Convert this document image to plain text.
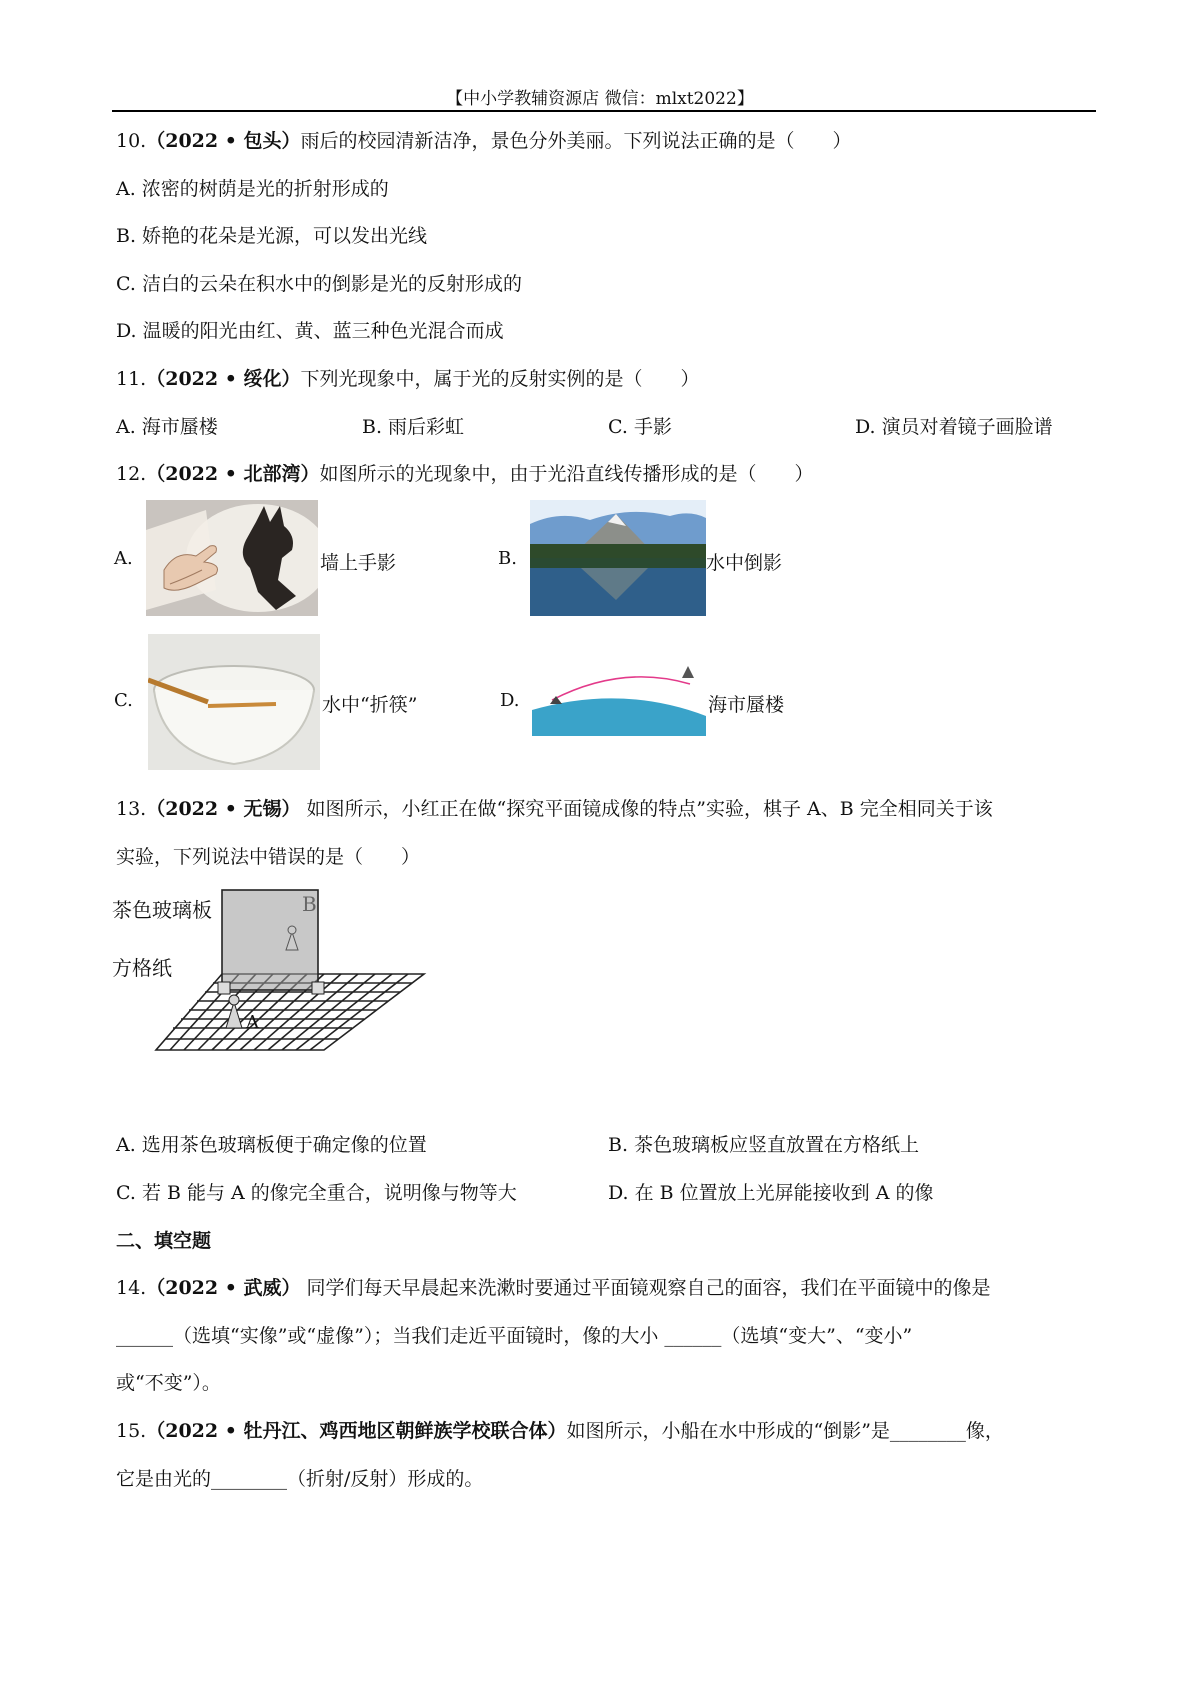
【中小学教辅资源店 微信：mlxt2022】
10.（2022 • 包头）雨后的校园清新洁净，景色分外美丽。下列说法正确的是（　　）
A. 浓密的树荫是光的折射形成的
B. 娇艳的花朵是光源，可以发出光线
C. 洁白的云朵在积水中的倒影是光的反射形成的
D. 温暖的阳光由红、黄、蓝三种色光混合而成
11.（2022 • 绥化）下列光现象中，属于光的反射实例的是（　　）
A. 海市蜃楼	B. 雨后彩虹	C. 手影	D. 演员对着镜子画脸谱
12.（2022 • 北部湾）如图所示的光现象中，由于光沿直线传播形成的是（　　）
A.	墙上手影	B.	水中倒影
C.	水中“折筷”	D.	海市蜃楼
13.（2022 • 无锡） 如图所示，小红正在做“探究平面镜成像的特点”实验，棋子 A、B 完全相同关于该
实验，下列说法中错误的是（　　）
茶色玻璃板
方格纸
B
A
A. 选用茶色玻璃板便于确定像的位置	B. 茶色玻璃板应竖直放置在方格纸上
C. 若 B 能与 A 的像完全重合，说明像与物等大	D. 在 B 位置放上光屏能接收到 A 的像
二、填空题
14.（2022 • 武威） 同学们每天早晨起来洗漱时要通过平面镜观察自己的面容，我们在平面镜中的像是
______（选填“实像”或“虚像”）；当我们走近平面镜时，像的大小 ______（选填“变大”、“变小”
或“不变”）。
15.（2022 • 牡丹江、鸡西地区朝鲜族学校联合体）如图所示，小船在水中形成的“倒影”是________像，
它是由光的________（折射/反射）形成的。
